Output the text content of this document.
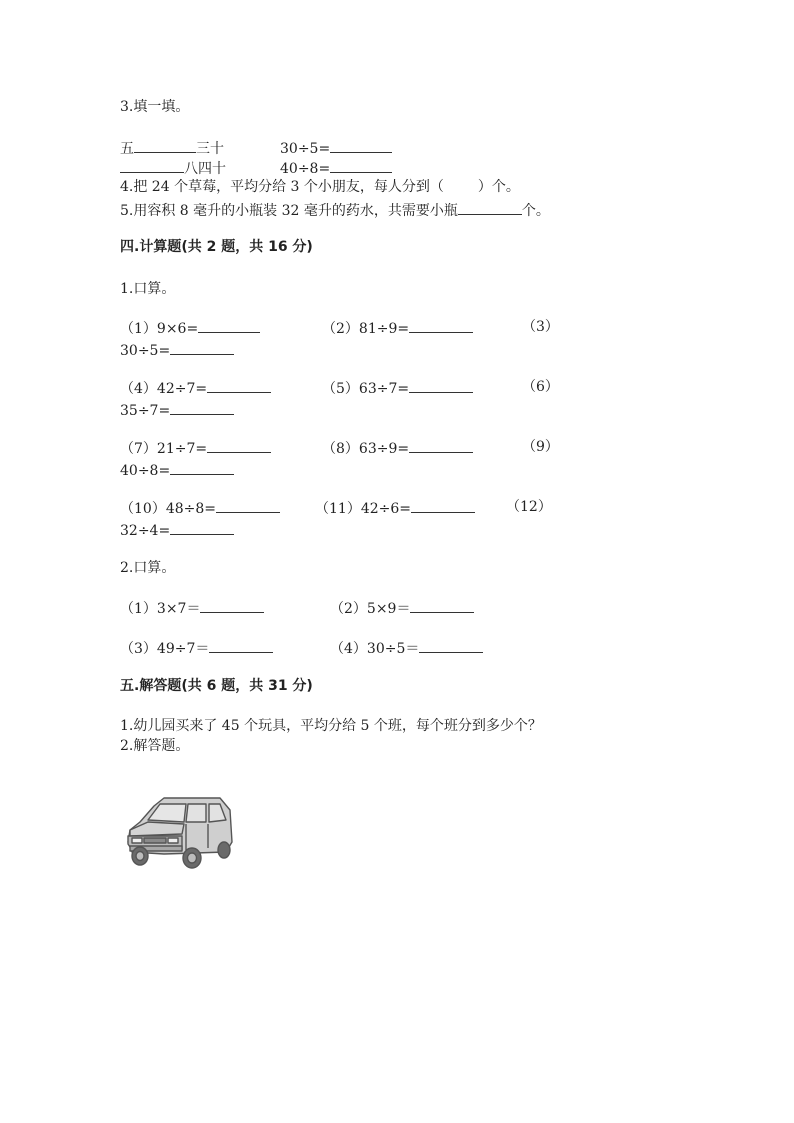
3.填一填。
五	三十	30÷5=
八四十	40÷8=
4.把 24 个草莓，平均分给 3 个小朋友，每人分到（ ）个。
5.用容积 8 毫升的小瓶装 32 毫升的药水，共需要小瓶	个。
四.计算题(共 2 题，共 16 分)
1.口算。
（1）9×6=	（2）81÷9=	（3）
30÷5=
（4）42÷7=	（5）63÷7=	（6）
35÷7=
（7）21÷7=	（8）63÷9=	（9）
40÷8=
（10）48÷8=	（11）42÷6=	（12）
32÷4=
2.口算。
（1）3×7＝	（2）5×9＝
（3）49÷7＝	（4）30÷5＝
五.解答题(共 6 题，共 31 分)
1.幼儿园买来了 45 个玩具，平均分给 5 个班，每个班分到多少个？
2.解答题。
